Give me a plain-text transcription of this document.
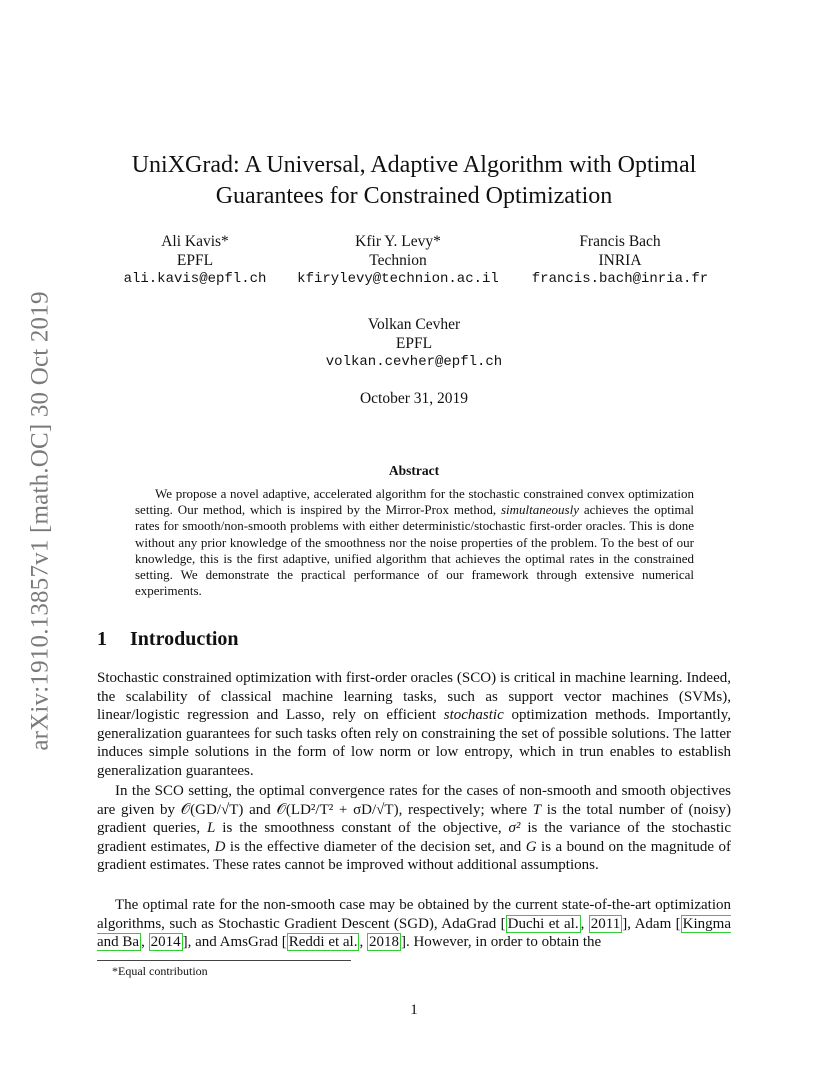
arXiv:1910.13857v1 [math.OC] 30 Oct 2019
UniXGrad: A Universal, Adaptive Algorithm with Optimal
Guarantees for Constrained Optimization
Ali Kavis*
EPFL
ali.kavis@epfl.ch
Kfir Y. Levy*
Technion
kfirylevy@technion.ac.il
Francis Bach
INRIA
francis.bach@inria.fr
Volkan Cevher
EPFL
volkan.cevher@epfl.ch
October 31, 2019
Abstract

We propose a novel adaptive, accelerated algorithm for the stochastic constrained convex optimization setting. Our method, which is inspired by the Mirror-Prox method, simultaneously achieves the optimal rates for smooth/non-smooth problems with either deterministic/stochastic first-order oracles. This is done without any prior knowledge of the smoothness nor the noise properties of the problem. To the best of our knowledge, this is the first adaptive, unified algorithm that achieves the optimal rates in the constrained setting. We demonstrate the practical performance of our framework through extensive numerical experiments.

1 Introduction

Stochastic constrained optimization with first-order oracles (SCO) is critical in machine learning. Indeed, the scalability of classical machine learning tasks, such as support vector machines (SVMs), linear/logistic regression and Lasso, rely on efficient stochastic optimization methods. Importantly, generalization guarantees for such tasks often rely on constraining the set of possible solutions. The latter induces simple solutions in the form of low norm or low entropy, which in trun enables to establish generalization guarantees.

In the SCO setting, the optimal convergence rates for the cases of non-smooth and smooth objectives are given by 𝒪(GD/√T) and 𝒪(LD²/T² + σD/√T), respectively; where T is the total number of (noisy) gradient queries, L is the smoothness constant of the objective, σ² is the variance of the stochastic gradient estimates, D is the effective diameter of the decision set, and G is a bound on the magnitude of gradient estimates. These rates cannot be improved without additional assumptions.

The optimal rate for the non-smooth case may be obtained by the current state-of-the-art optimization algorithms, such as Stochastic Gradient Descent (SGD), AdaGrad [ Duchi et al. , 2011 ], Adam [ Kingma and Ba , 2014 ], and AmsGrad [ Reddi et al. , 2018 ]. However, in order to obtain the

*Equal contribution
1
